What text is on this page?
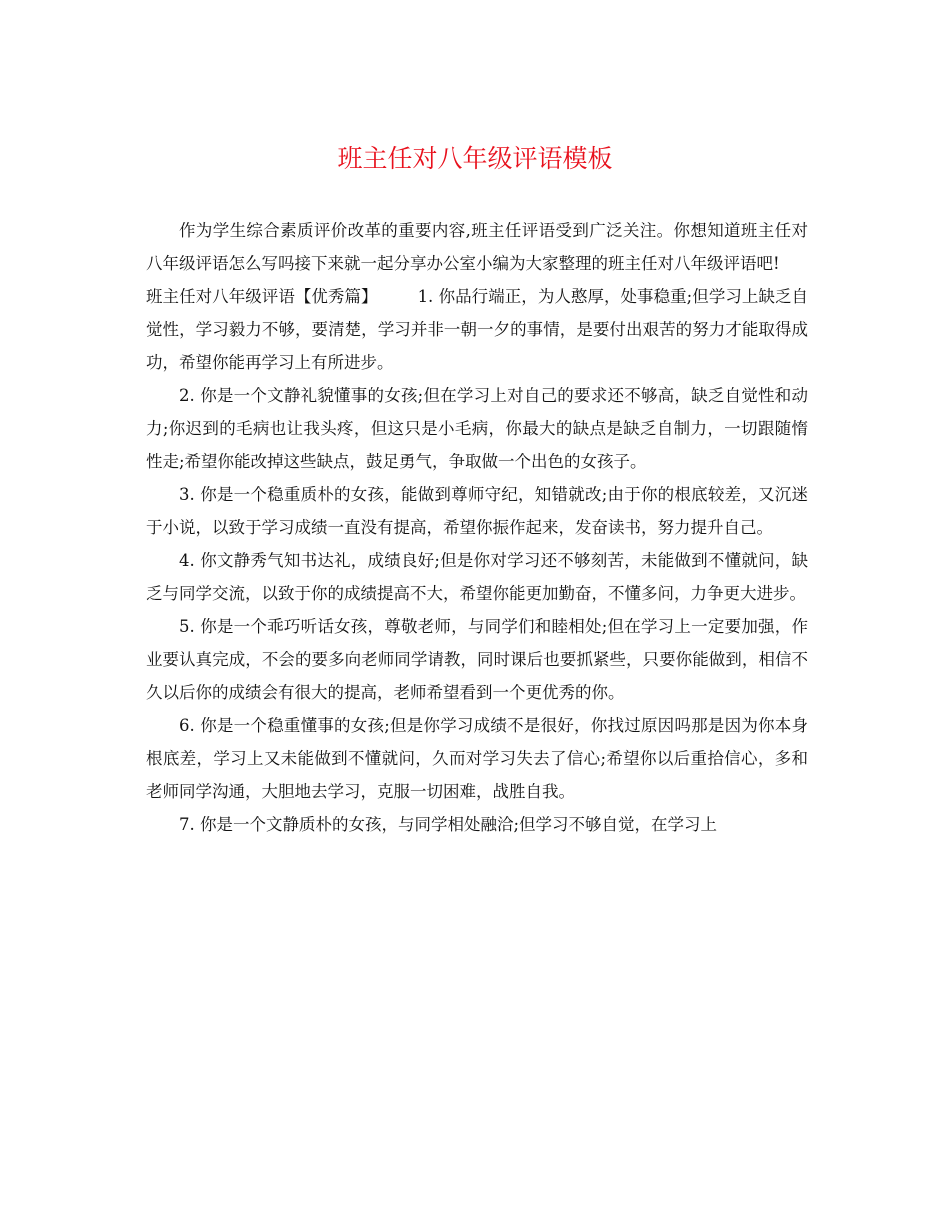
班主任对八年级评语模板

作为学生综合素质评价改革的重要内容,班主任评语受到广泛关注。你想知道班主任对八年级评语怎么写吗接下来就一起分享办公室小编为大家整理的班主任对八年级评语吧!

班主任对八年级评语【优秀篇】 1. 你品行端正，为人憨厚，处事稳重;但学习上缺乏自觉性，学习毅力不够，要清楚，学习并非一朝一夕的事情，是要付出艰苦的努力才能取得成功，希望你能再学习上有所进步。

2. 你是一个文静礼貌懂事的女孩;但在学习上对自己的要求还不够高，缺乏自觉性和动力;你迟到的毛病也让我头疼，但这只是小毛病，你最大的缺点是缺乏自制力，一切跟随惰性走;希望你能改掉这些缺点，鼓足勇气，争取做一个出色的女孩子。

3. 你是一个稳重质朴的女孩，能做到尊师守纪，知错就改;由于你的根底较差，又沉迷于小说，以致于学习成绩一直没有提高，希望你振作起来，发奋读书，努力提升自己。

4. 你文静秀气知书达礼，成绩良好;但是你对学习还不够刻苦，未能做到不懂就问，缺乏与同学交流，以致于你的成绩提高不大，希望你能更加勤奋，不懂多问，力争更大进步。

5. 你是一个乖巧听话女孩，尊敬老师，与同学们和睦相处;但在学习上一定要加强，作业要认真完成，不会的要多向老师同学请教，同时课后也要抓紧些，只要你能做到，相信不久以后你的成绩会有很大的提高，老师希望看到一个更优秀的你。

6. 你是一个稳重懂事的女孩;但是你学习成绩不是很好，你找过原因吗那是因为你本身根底差，学习上又未能做到不懂就问，久而对学习失去了信心;希望你以后重拾信心，多和老师同学沟通，大胆地去学习，克服一切困难，战胜自我。

7. 你是一个文静质朴的女孩，与同学相处融洽;但学习不够自觉，在学习上
